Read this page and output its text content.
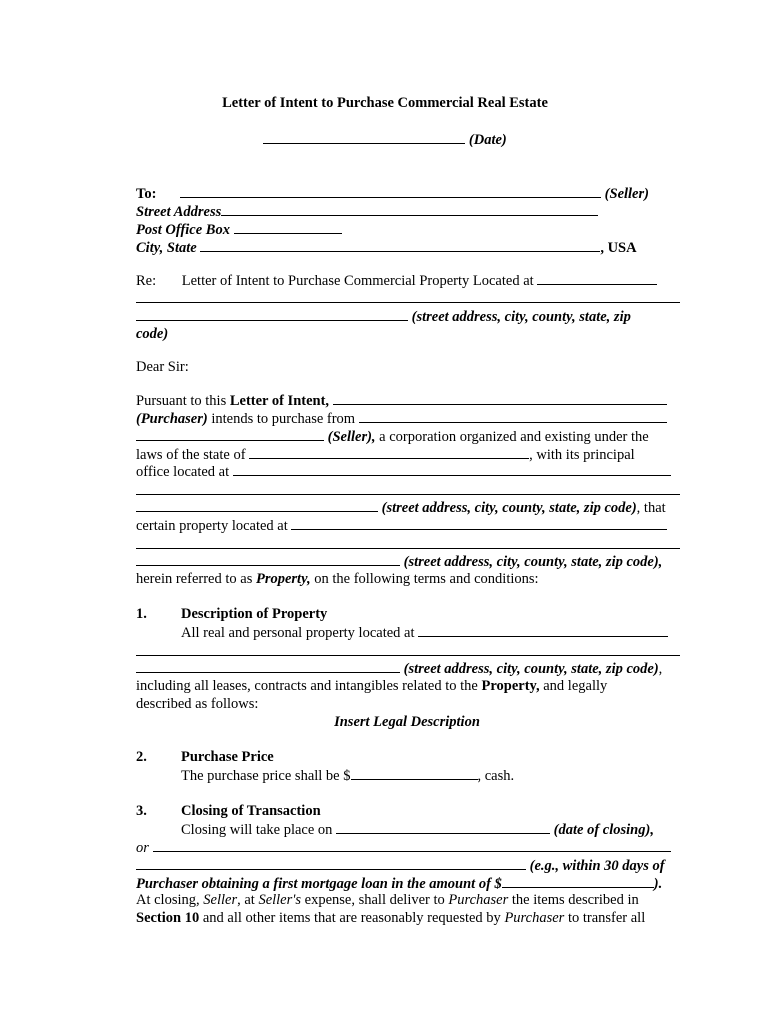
Letter of Intent to Purchase Commercial Real Estate
(Date)
To:	(Seller)
Street Address
Post Office Box
City, State	, USA
Re: Letter of Intent to Purchase Commercial Property Located at
(street address, city, county, state, zip
code)
Dear Sir:
Pursuant to this Letter of Intent,
(Purchaser) intends to purchase from
(Seller), a corporation organized and existing under the
laws of the state of	, with its principal
office located at
(street address, city, county, state, zip code), that
certain property located at
(street address, city, county, state, zip code),
herein referred to as Property, on the following terms and conditions:
1. Description of Property
All real and personal property located at
(street address, city, county, state, zip code),
including all leases, contracts and intangibles related to the Property, and legally
described as follows:
Insert Legal Description
2. Purchase Price
The purchase price shall be $	, cash.
3. Closing of Transaction
Closing will take place on	(date of closing),
or
(e.g., within 30 days of
Purchaser obtaining a first mortgage loan in the amount of $	).
At closing, Seller, at Seller's expense, shall deliver to Purchaser the items described in
Section 10 and all other items that are reasonably requested by Purchaser to transfer all
